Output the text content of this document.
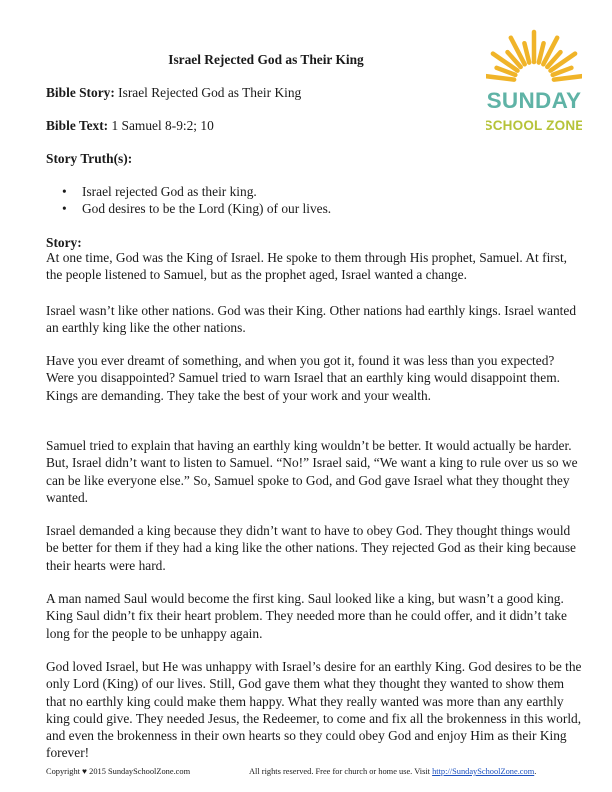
Israel Rejected God as Their King
Bible Story: Israel Rejected God as Their King
Bible Text: 1 Samuel 8-9:2; 10
Story Truth(s):
• Israel rejected God as their king.
• God desires to be the Lord (King) of our lives.
Story:

At one time, God was the King of Israel. He spoke to them through His prophet, Samuel. At first, the people listened to Samuel, but as the prophet aged, Israel wanted a change.

Israel wasn’t like other nations. God was their King. Other nations had earthly kings. Israel wanted an earthly king like the other nations.

Have you ever dreamt of something, and when you got it, found it was less than you expected? Were you disappointed? Samuel tried to warn Israel that an earthly king would disappoint them. Kings are demanding. They take the best of your work and your wealth.

Samuel tried to explain that having an earthly king wouldn’t be better. It would actually be harder. But, Israel didn’t want to listen to Samuel. “No!” Israel said, “We want a king to rule over us so we can be like everyone else.” So, Samuel spoke to God, and God gave Israel what they thought they wanted.

Israel demanded a king because they didn’t want to have to obey God. They thought things would be better for them if they had a king like the other nations. They rejected God as their king because their hearts were hard.

A man named Saul would become the first king. Saul looked like a king, but wasn’t a good king. King Saul didn’t fix their heart problem. They needed more than he could offer, and it didn’t take long for the people to be unhappy again.

God loved Israel, but He was unhappy with Israel’s desire for an earthly King. God desires to be the only Lord (King) of our lives. Still, God gave them what they thought they wanted to show them that no earthly king could make them happy. What they really wanted was more than any earthly king could give. They needed Jesus, the Redeemer, to come and fix all the brokenness in this world, and even the brokenness in their own hearts so they could obey God and enjoy Him as their King forever!

SUNDAY
SCHOOL ZONE
Copyright ♥ 2015 SundaySchoolZone.com	All rights reserved. Free for church or home use. Visit http://SundaySchoolZone.com.
